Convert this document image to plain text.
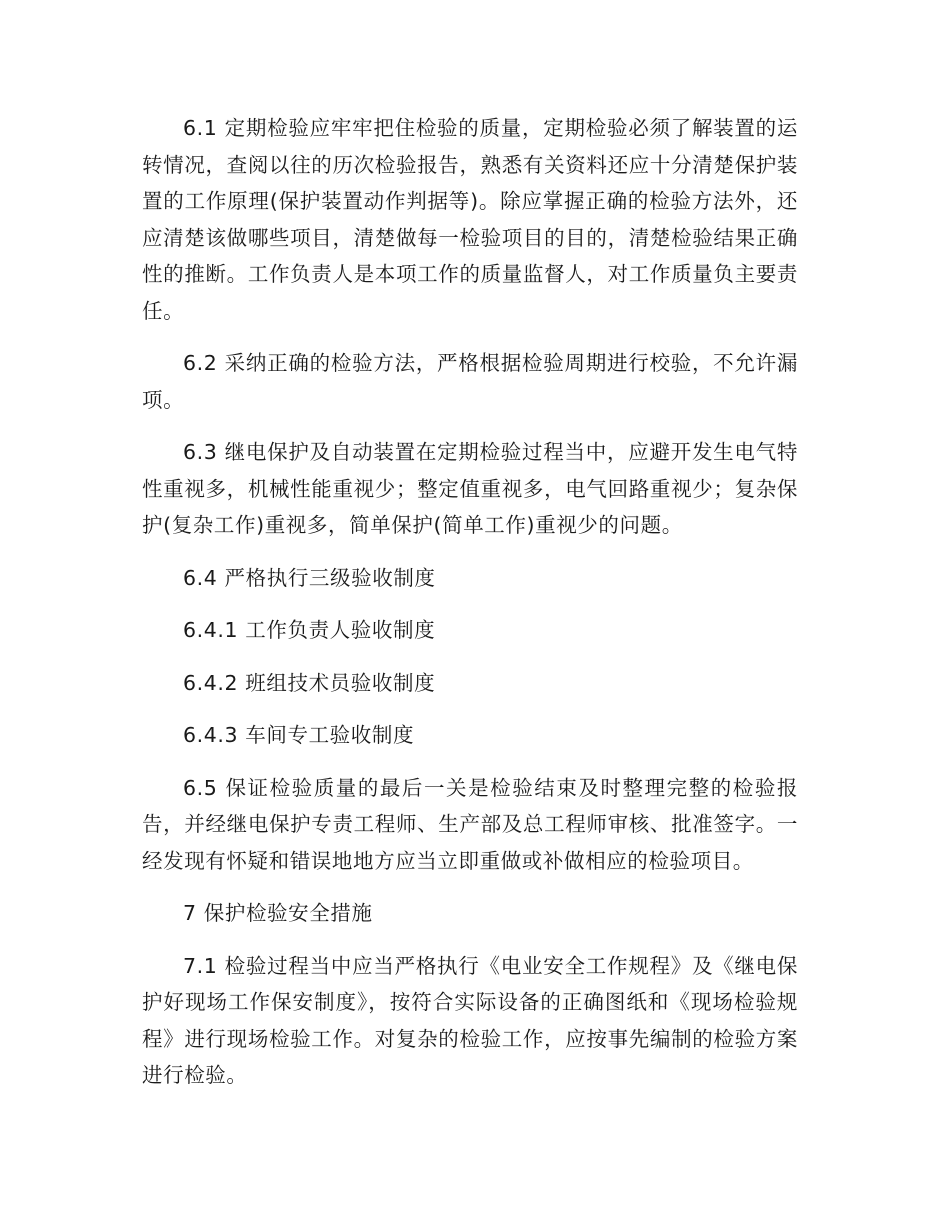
6.1 定期检验应牢牢把住检验的质量，定期检验必须了解装置的运转情况，查阅以往的历次检验报告，熟悉有关资料还应十分清楚保护装置的工作原理(保护装置动作判据等)。除应掌握正确的检验方法外，还应清楚该做哪些项目，清楚做每一检验项目的目的，清楚检验结果正确性的推断。工作负责人是本项工作的质量监督人，对工作质量负主要责任。

6.2 采纳正确的检验方法，严格根据检验周期进行校验，不允许漏项。

6.3 继电保护及自动装置在定期检验过程当中，应避开发生电气特性重视多，机械性能重视少；整定值重视多，电气回路重视少；复杂保护(复杂工作)重视多，简单保护(简单工作)重视少的问题。

6.4 严格执行三级验收制度

6.4.1 工作负责人验收制度

6.4.2 班组技术员验收制度

6.4.3 车间专工验收制度

6.5 保证检验质量的最后一关是检验结束及时整理完整的检验报告，并经继电保护专责工程师、生产部及总工程师审核、批准签字。一经发现有怀疑和错误地地方应当立即重做或补做相应的检验项目。

7 保护检验安全措施

7.1 检验过程当中应当严格执行《电业安全工作规程》及《继电保护好现场工作保安制度》，按符合实际设备的正确图纸和《现场检验规程》进行现场检验工作。对复杂的检验工作，应按事先编制的检验方案进行检验。
